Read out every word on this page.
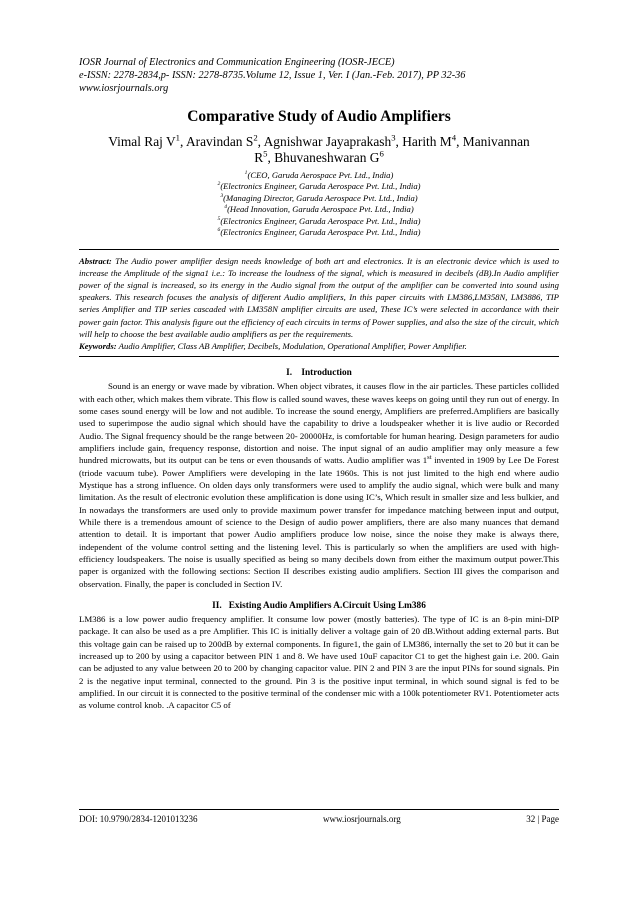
IOSR Journal of Electronics and Communication Engineering (IOSR-JECE)
e-ISSN: 2278-2834,p- ISSN: 2278-8735.Volume 12, Issue 1, Ver. I (Jan.-Feb. 2017), PP 32-36
www.iosrjournals.org
Comparative Study of Audio Amplifiers
Vimal Raj $V^1$, Aravindan $S^2$, Agnishwar Jayaprakash$^3$, Harith $M^4$, Manivannan
$R^5$, Bhuvaneshwaran $G^6$
$^1$(CEO, Garuda Aerospace Pvt. Ltd., India)
$^2$(Electronics Engineer, Garuda Aerospace Pvt. Ltd., India)
$^3$(Managing Director, Garuda Aerospace Pvt. Ltd., India)
$^4$(Head Innovation, Garuda Aerospace Pvt. Ltd., India)
$^5$(Electronics Engineer, Garuda Aerospace Pvt. Ltd., India)
$^6$(Electronics Engineer, Garuda Aerospace Pvt. Ltd., India)
Abstract: The Audio power amplifier design needs knowledge of both art and electronics. It is an electronic device which is used to increase the Amplitude of the signa1 i.e.: To increase the loudness of the signal, which is measured in decibels (dB).In Audio amplifier power of the signal is increased, so its energy in the Audio signal from the output of the amplifier can be converted into sound using speakers. This research focuses the analysis of different Audio amplifiers, In this paper circuits with LM386,LM358N, LM3886, TIP series Amplifier and TIP series cascaded with LM358N amplifier circuits are used, These IC’s were selected in accordance with their power gain factor. This analysis figure out the efficiency of each circuits in terms of Power supplies, and also the size of the circuit, which will help to choose the best available audio amplifiers as per the requirements.
Keywords: Audio Amplifier, Class AB Amplifier, Decibels, Modulation, Operational Amplifier, Power Amplifier.
I.    Introduction
Sound is an energy or wave made by vibration. When object vibrates, it causes flow in the air particles. These particles collided with each other, which makes them vibrate. This flow is called sound waves, these waves keeps on going until they run out of energy. In some cases sound energy will be low and not audible. To increase the sound energy, Amplifiers are preferred.Amplifiers are basically used to superimpose the audio signal which should have the capability to drive a loudspeaker whether it is live audio or Recorded Audio. The Signal frequency should be the range between 20- 20000Hz, is comfortable for human hearing. Design parameters for audio amplifiers include gain, frequency response, distortion and noise. The input signal of an audio amplifier may only measure a few hundred microwatts, but its output can be tens or even thousands of watts. Audio amplifier was 1st invented in 1909 by Lee De Forest (triode vacuum tube). Power Amplifiers were developing in the late 1960s. This is not just limited to the high end where audio Mystique has a strong influence. On olden days only transformers were used to amplify the audio signal, which were bulk and many limitation. As the result of electronic evolution these amplification is done using IC’s, Which result in smaller size and less bulkier, and In nowadays the transformers are used only to provide maximum power transfer for impedance matching between input and output, While there is a tremendous amount of science to the Design of audio power amplifiers, there are also many nuances that demand attention to detail. It is important that power Audio amplifiers produce low noise, since the noise they make is always there, independent of the volume control setting and the listening level. This is particularly so when the amplifiers are used with high-efficiency loudspeakers. The noise is usually specified as being so many decibels down from either the maximum output power.This paper is organized with the following sections: Section II describes existing audio amplifiers. Section III gives the comparison and observation. Finally, the paper is concluded in Section IV.
II.   Existing Audio Amplifiers A.Circuit Using Lm386
LM386 is a low power audio frequency amplifier. It consume low power (mostly batteries). The type of IC is an 8-pin mini-DIP package. It can also be used as a pre Amplifier. This IC is initially deliver a voltage gain of 20 dB.Without adding external parts. But this voltage gain can be raised up to 200dB by external components. In figure1, the gain of LM386, internally the set to 20 but it can be increased up to 200 by using a capacitor between PIN 1 and 8. We have used 10uF capacitor C1 to get the highest gain i.e. 200. Gain can be adjusted to any value between 20 to 200 by changing capacitor value. PIN 2 and PIN 3 are the input PINs for sound signals. Pin 2 is the negative input terminal, connected to the ground. Pin 3 is the positive input terminal, in which sound signal is fed to be amplified. In our circuit it is connected to the positive terminal of the condenser mic with a 100k potentiometer RV1. Potentiometer acts as volume control knob. .A capacitor C5 of
DOI: 10.9790/2834-1201013236	www.iosrjournals.org	32 | Page
